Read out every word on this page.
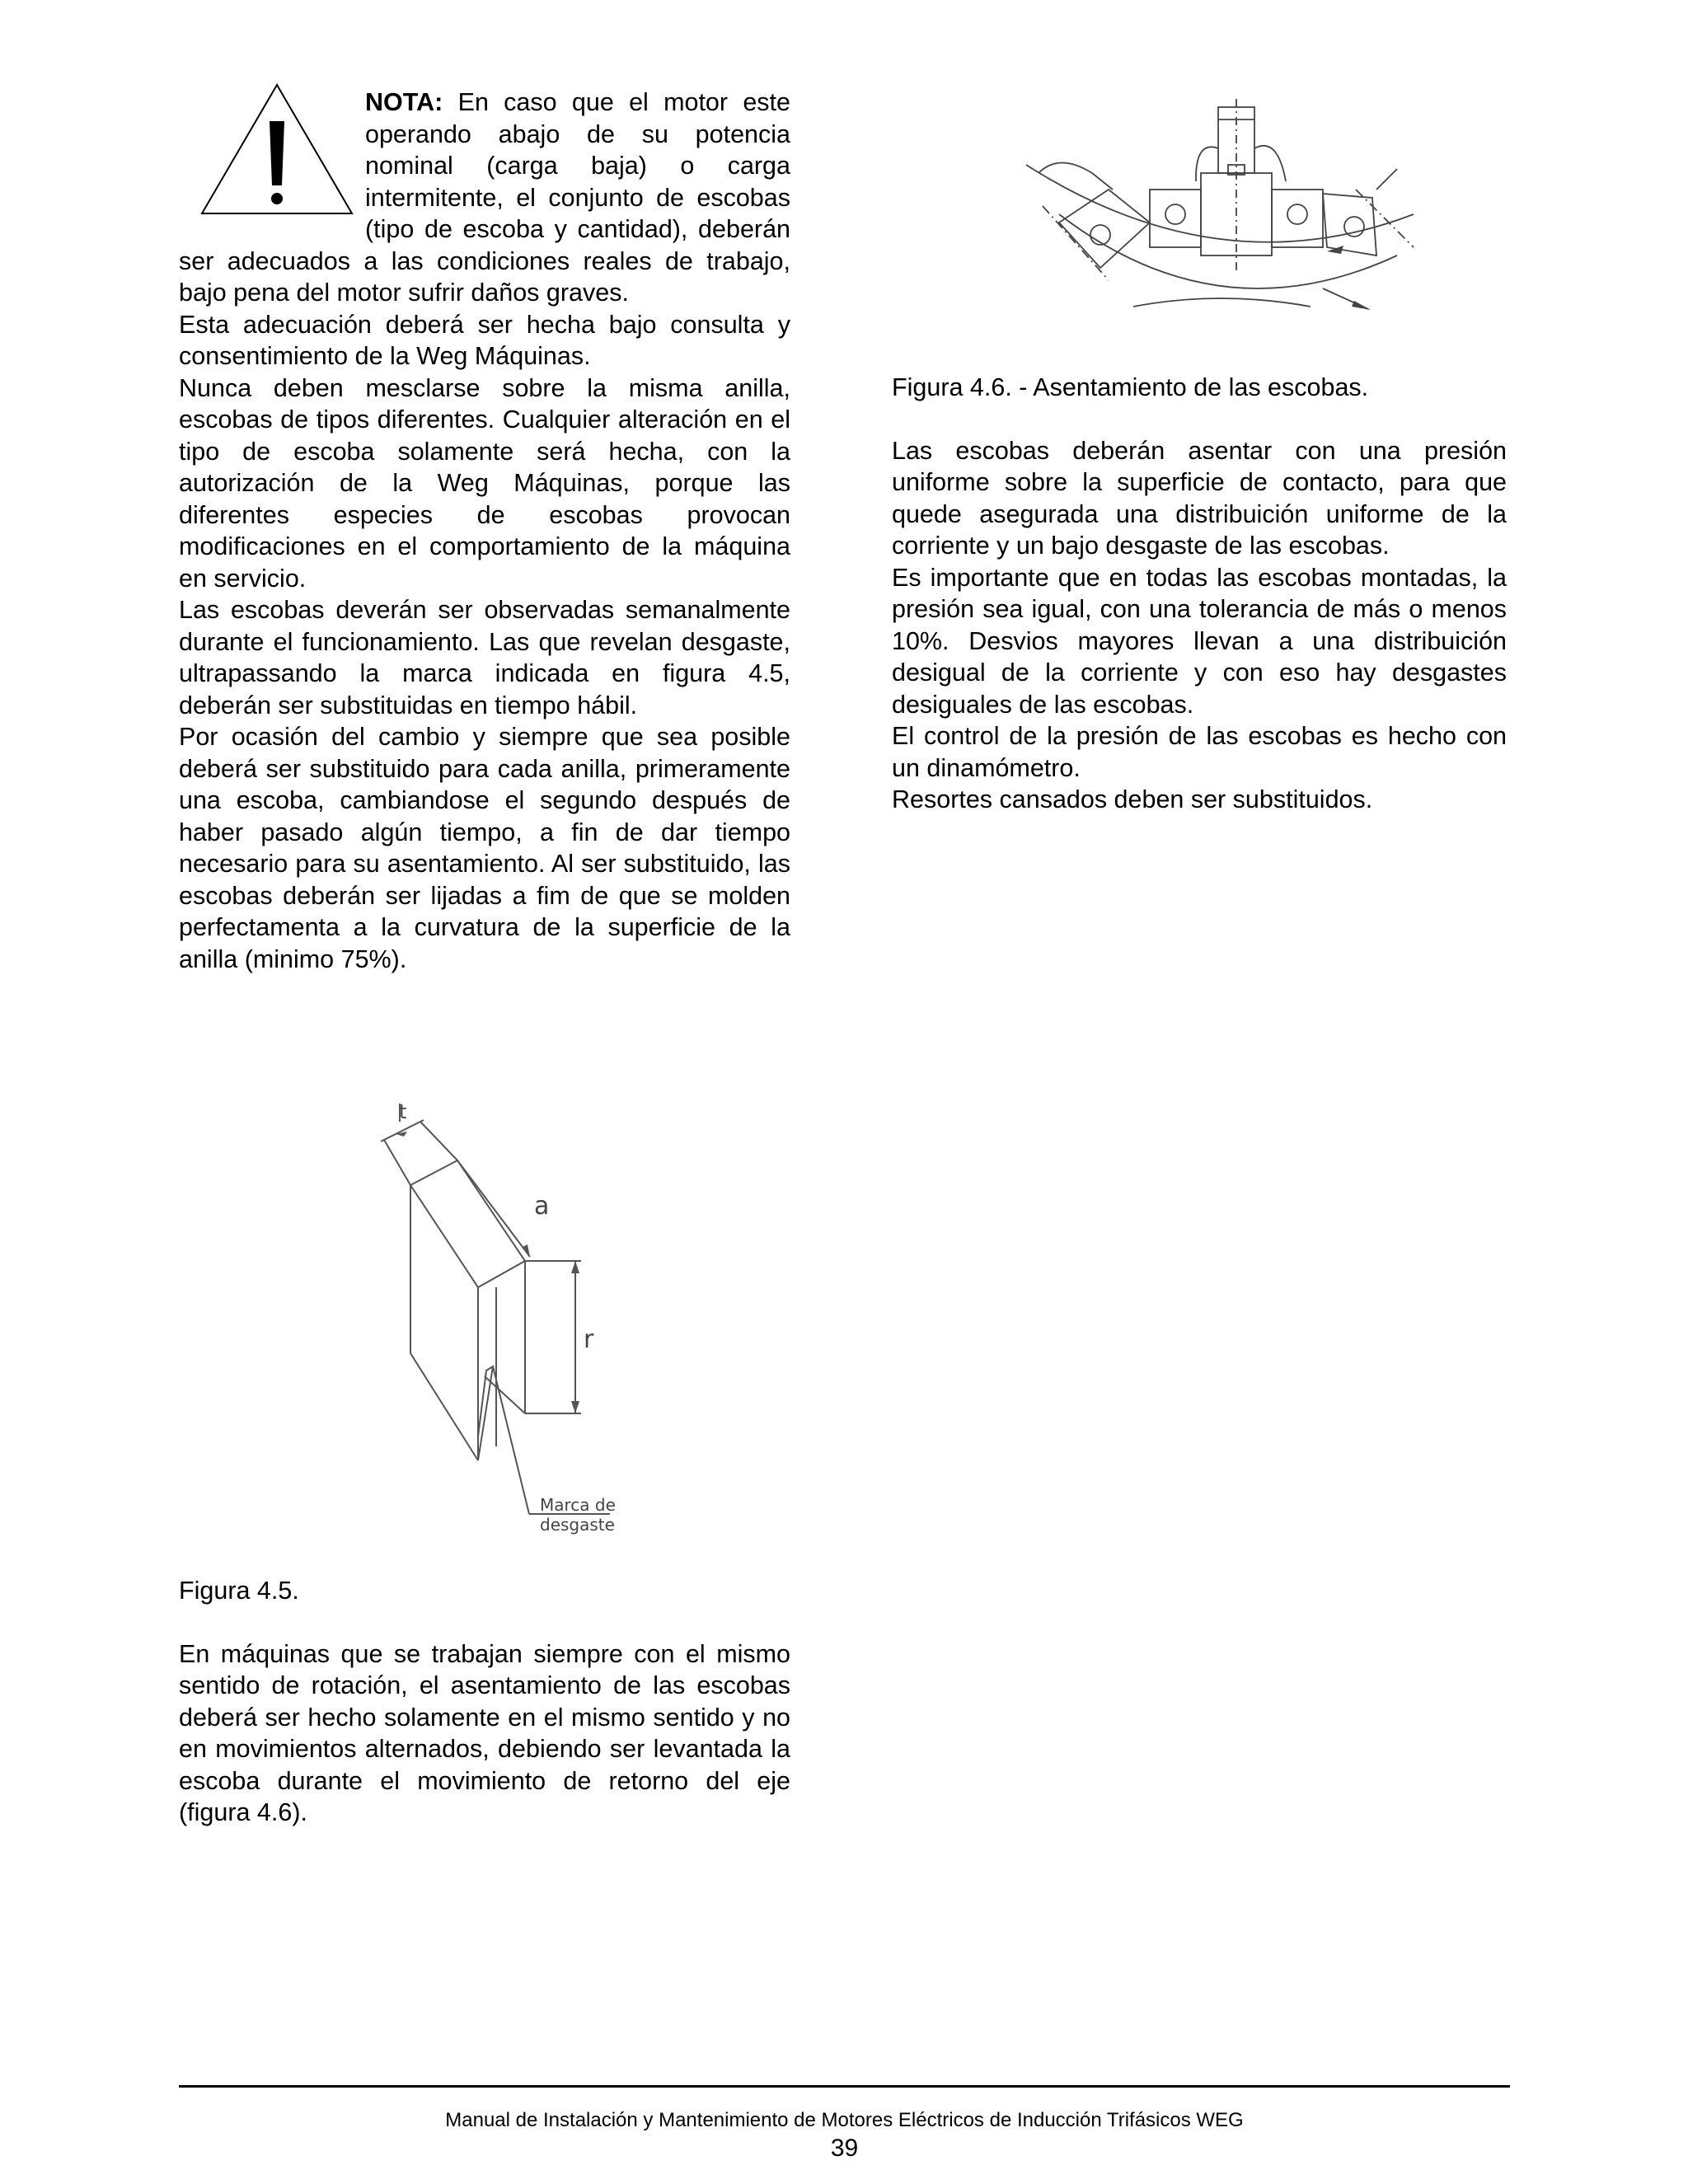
NOTA: En caso que el motor este operando abajo de su potencia nominal (carga baja) o carga intermitente, el conjunto de escobas (tipo de escoba y cantidad), deberán ser adecuados a las condiciones reales de trabajo, bajo pena del motor sufrir daños graves.

Esta adecuación deberá ser hecha bajo consulta y consentimiento de la Weg Máquinas.

Nunca deben mesclarse sobre la misma anilla, escobas de tipos diferentes. Cualquier alteración en el tipo de escoba solamente será hecha, con la autorización de la Weg Máquinas, porque las diferentes especies de escobas provocan modificaciones en el comportamiento de la máquina en servicio.

Las escobas deverán ser observadas semanalmente durante el funcionamiento. Las que revelan desgaste, ultrapassando la marca indicada en figura 4.5, deberán ser substituidas en tiempo hábil.

Por ocasión del cambio y siempre que sea posible deberá ser substituido para cada anilla, primeramente una escoba, cambiandose el segundo después de haber pasado algún tiempo, a fin de dar tiempo necesario para su asentamiento. Al ser substituido, las escobas deberán ser lijadas a fim de que se molden perfectamenta a la curvatura de la superficie de la anilla (minimo 75%).

t
a
r
Marca de
desgaste

Figura 4.5.

En máquinas que se trabajan siempre con el mismo sentido de rotación, el asentamiento de las escobas deberá ser hecho solamente en el mismo sentido y no en movimientos alternados, debiendo ser levantada la escoba durante el movimiento de retorno del eje (figura 4.6).

Figura 4.6. - Asentamiento de las escobas.

Las escobas deberán asentar con una presión uniforme sobre la superficie de contacto, para que quede asegurada una distribuición uniforme de la corriente y un bajo desgaste de las escobas.

Es importante que en todas las escobas montadas, la presión sea igual, con una tolerancia de más o menos 10%. Desvios mayores llevan a una distribuición desigual de la corriente y con eso hay desgastes desiguales de las escobas.

El control de la presión de las escobas es hecho con un dinamómetro.

Resortes cansados deben ser substituidos.

Manual de Instalación y Mantenimiento de Motores Eléctricos de Inducción Trifásicos WEG
39
